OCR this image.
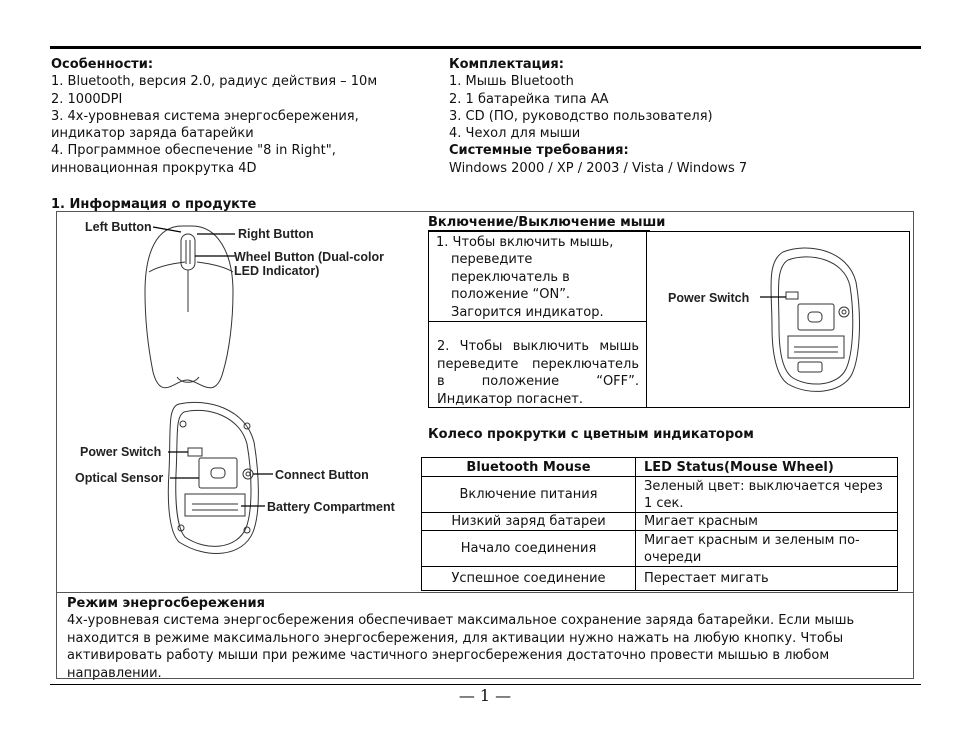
Особенности:
1. Bluetooth, версия 2.0, радиус действия – 10м
2. 1000DPI
3. 4х-уровневая система энергосбережения,
индикатор заряда батарейки
4. Программное обеспечение "8 in Right",
инновационная прокрутка 4D
Комплектация:
1. Мышь Bluetooth
2. 1 батарейка типа АА
3. CD (ПО, руководство пользователя)
4. Чехол для мыши
Системные требования:
Windows 2000 / XP / 2003 / Vista / Windows 7
1. Информация о продукте
Left Button	Right Button
Wheel Button (Dual-color
LED Indicator)
Power Switch
Optical Sensor	Connect Button
Battery Compartment
Включение/Выключение мыши
1. Чтобы включить мышь,
переведите
переключатель в
положение “ON”.
Загорится индикатор.
2. Чтобы выключить мышь переведите переключатель в положение “OFF”. Индикатор погаснет.
Power Switch
Колесо прокрутки с цветным индикатором
Bluetooth Mouse	LED Status(Mouse Wheel)
Включение питания	Зеленый цвет: выключается через 1 сек.
Низкий заряд батареи	Мигает красным
Начало соединения	Мигает красным и зеленым по-очереди
Успешное соединение	Перестает мигать
Режим энергосбережения
4х-уровневая система энергосбережения обеспечивает максимальное сохранение заряда батарейки. Если мышь находится в режиме максимального энергосбережения, для активации нужно нажать на любую кнопку. Чтобы активировать работу мыши при режиме частичного энергосбережения достаточно провести мышью в любом направлении.
— 1 —
